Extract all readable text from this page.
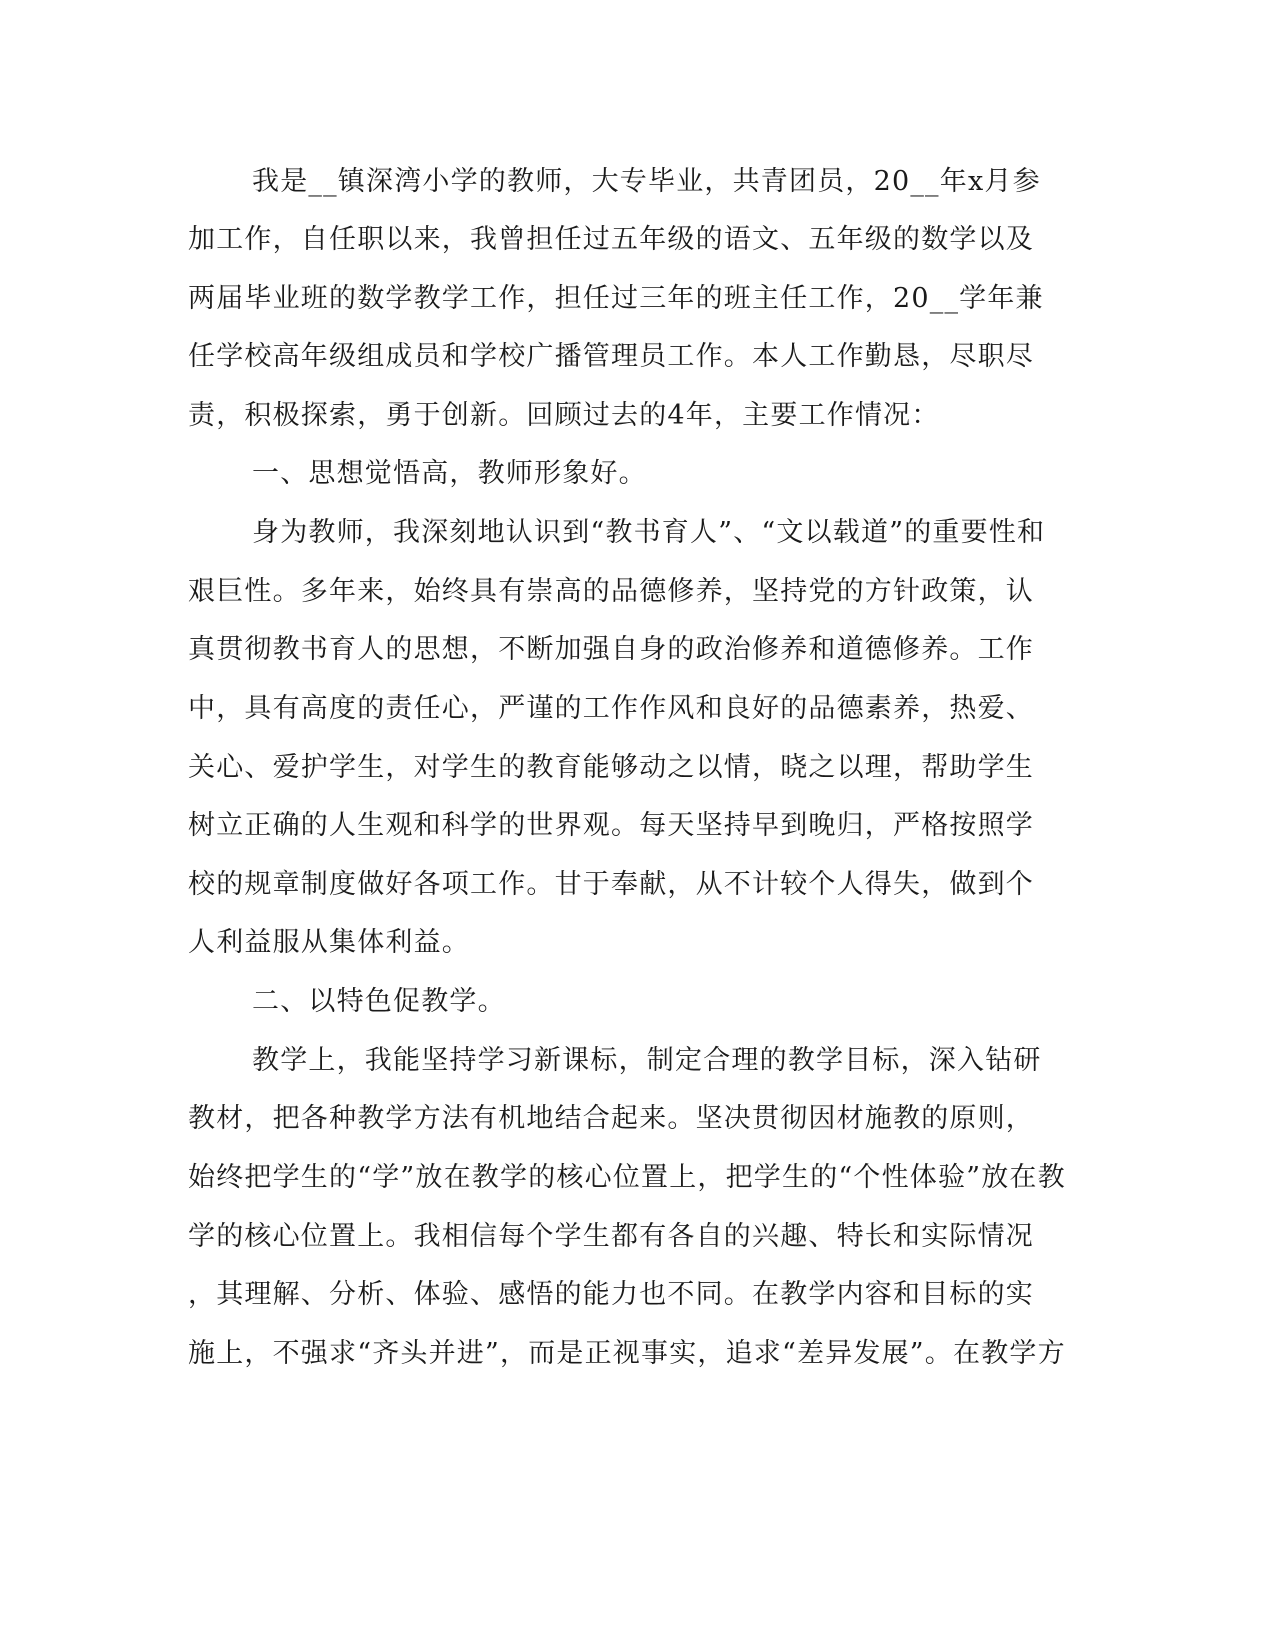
我是__镇深湾小学的教师，大专毕业，共青团员，20__年x月参

加工作，自任职以来，我曾担任过五年级的语文、五年级的数学以及

两届毕业班的数学教学工作，担任过三年的班主任工作，20__学年兼

任学校高年级组成员和学校广播管理员工作。本人工作勤恳，尽职尽

责，积极探索，勇于创新。回顾过去的4年，主要工作情况：

一、思想觉悟高，教师形象好。

身为教师，我深刻地认识到“教书育人”、“文以载道”的重要性和

艰巨性。多年来，始终具有崇高的品德修养，坚持党的方针政策，认

真贯彻教书育人的思想，不断加强自身的政治修养和道德修养。工作

中，具有高度的责任心，严谨的工作作风和良好的品德素养，热爱、

关心、爱护学生，对学生的教育能够动之以情，晓之以理，帮助学生

树立正确的人生观和科学的世界观。每天坚持早到晚归，严格按照学

校的规章制度做好各项工作。甘于奉献，从不计较个人得失，做到个

人利益服从集体利益。

二、以特色促教学。

教学上，我能坚持学习新课标，制定合理的教学目标，深入钻研

教材，把各种教学方法有机地结合起来。坚决贯彻因材施教的原则，

始终把学生的“学”放在教学的核心位置上，把学生的“个性体验”放在教

学的核心位置上。我相信每个学生都有各自的兴趣、特长和实际情况

，其理解、分析、体验、感悟的能力也不同。在教学内容和目标的实

施上，不强求“齐头并进”，而是正视事实，追求“差异发展”。在教学方
